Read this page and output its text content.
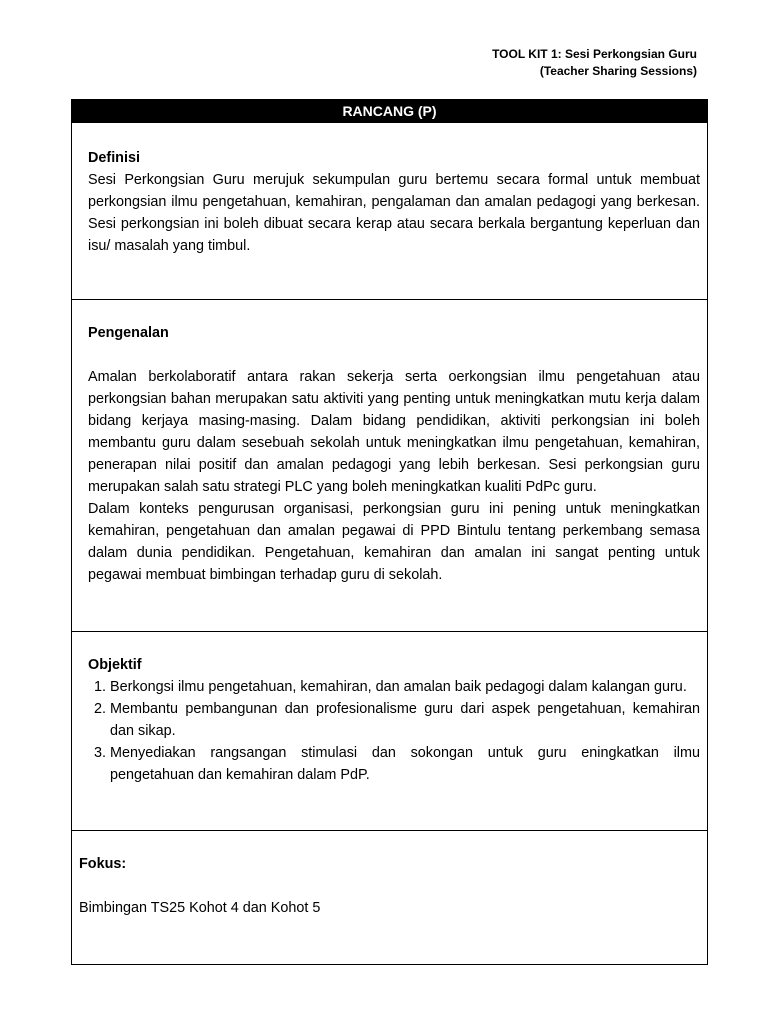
TOOL KIT 1: Sesi Perkongsian Guru
(Teacher Sharing Sessions)
RANCANG (P)
Definisi

Sesi Perkongsian Guru merujuk sekumpulan guru bertemu secara formal untuk membuat perkongsian ilmu pengetahuan, kemahiran, pengalaman dan amalan pedagogi yang berkesan. Sesi perkongsian ini boleh dibuat secara kerap atau secara berkala bergantung keperluan dan isu/ masalah yang timbul.

Pengenalan

Amalan berkolaboratif antara rakan sekerja serta oerkongsian ilmu pengetahuan atau perkongsian bahan merupakan satu aktiviti yang penting untuk meningkatkan mutu kerja dalam bidang kerjaya masing-masing. Dalam bidang pendidikan, aktiviti perkongsian ini boleh membantu guru dalam sesebuah sekolah untuk meningkatkan ilmu pengetahuan, kemahiran, penerapan nilai positif dan amalan pedagogi yang lebih berkesan. Sesi perkongsian guru merupakan salah satu strategi PLC yang boleh meningkatkan kualiti PdPc guru.

Dalam konteks pengurusan organisasi, perkongsian guru ini pening untuk meningkatkan kemahiran, pengetahuan dan amalan pegawai di PPD Bintulu tentang perkembang semasa dalam dunia pendidikan. Pengetahuan, kemahiran dan amalan ini sangat penting untuk pegawai membuat bimbingan terhadap guru di sekolah.

Objektif
1. Berkongsi ilmu pengetahuan, kemahiran, dan amalan baik pedagogi dalam kalangan guru.
2. Membantu pembangunan dan profesionalisme guru dari aspek pengetahuan, kemahiran dan sikap.
3. Menyediakan rangsangan stimulasi dan sokongan untuk guru eningkatkan ilmu pengetahuan dan kemahiran dalam PdP.
Fokus:

Bimbingan TS25 Kohot 4 dan Kohot 5
